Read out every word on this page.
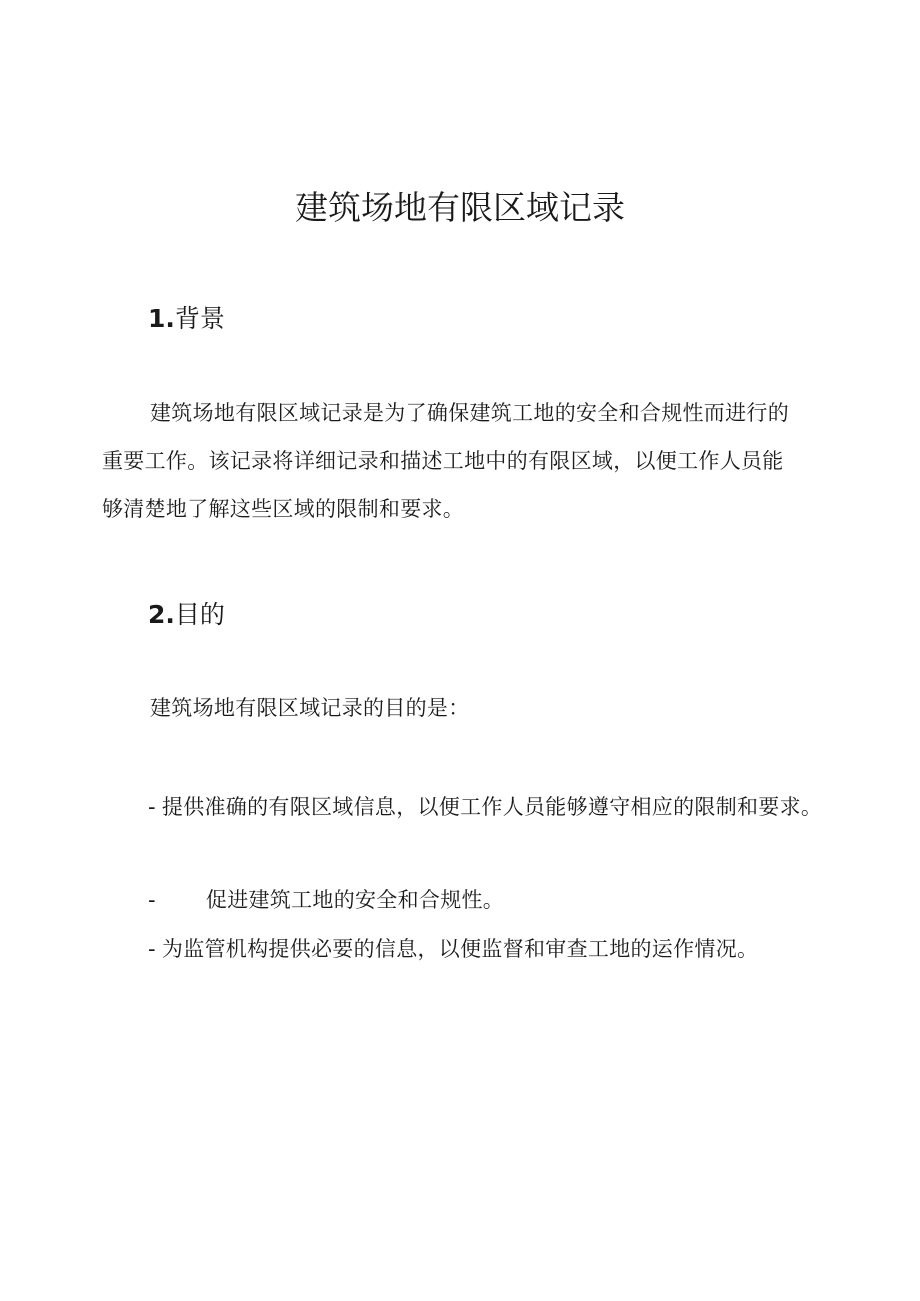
建筑场地有限区域记录
1.背景

建筑场地有限区域记录是为了确保建筑工地的安全和合规性而进行的重要工作。该记录将详细记录和描述工地中的有限区域，以便工作人员能够清楚地了解这些区域的限制和要求。

2.目的

建筑场地有限区域记录的目的是：

- 提供准确的有限区域信息，以便工作人员能够遵守相应的限制和要求。

- 促进建筑工地的安全和合规性。

- 为监管机构提供必要的信息，以便监督和审查工地的运作情况。
